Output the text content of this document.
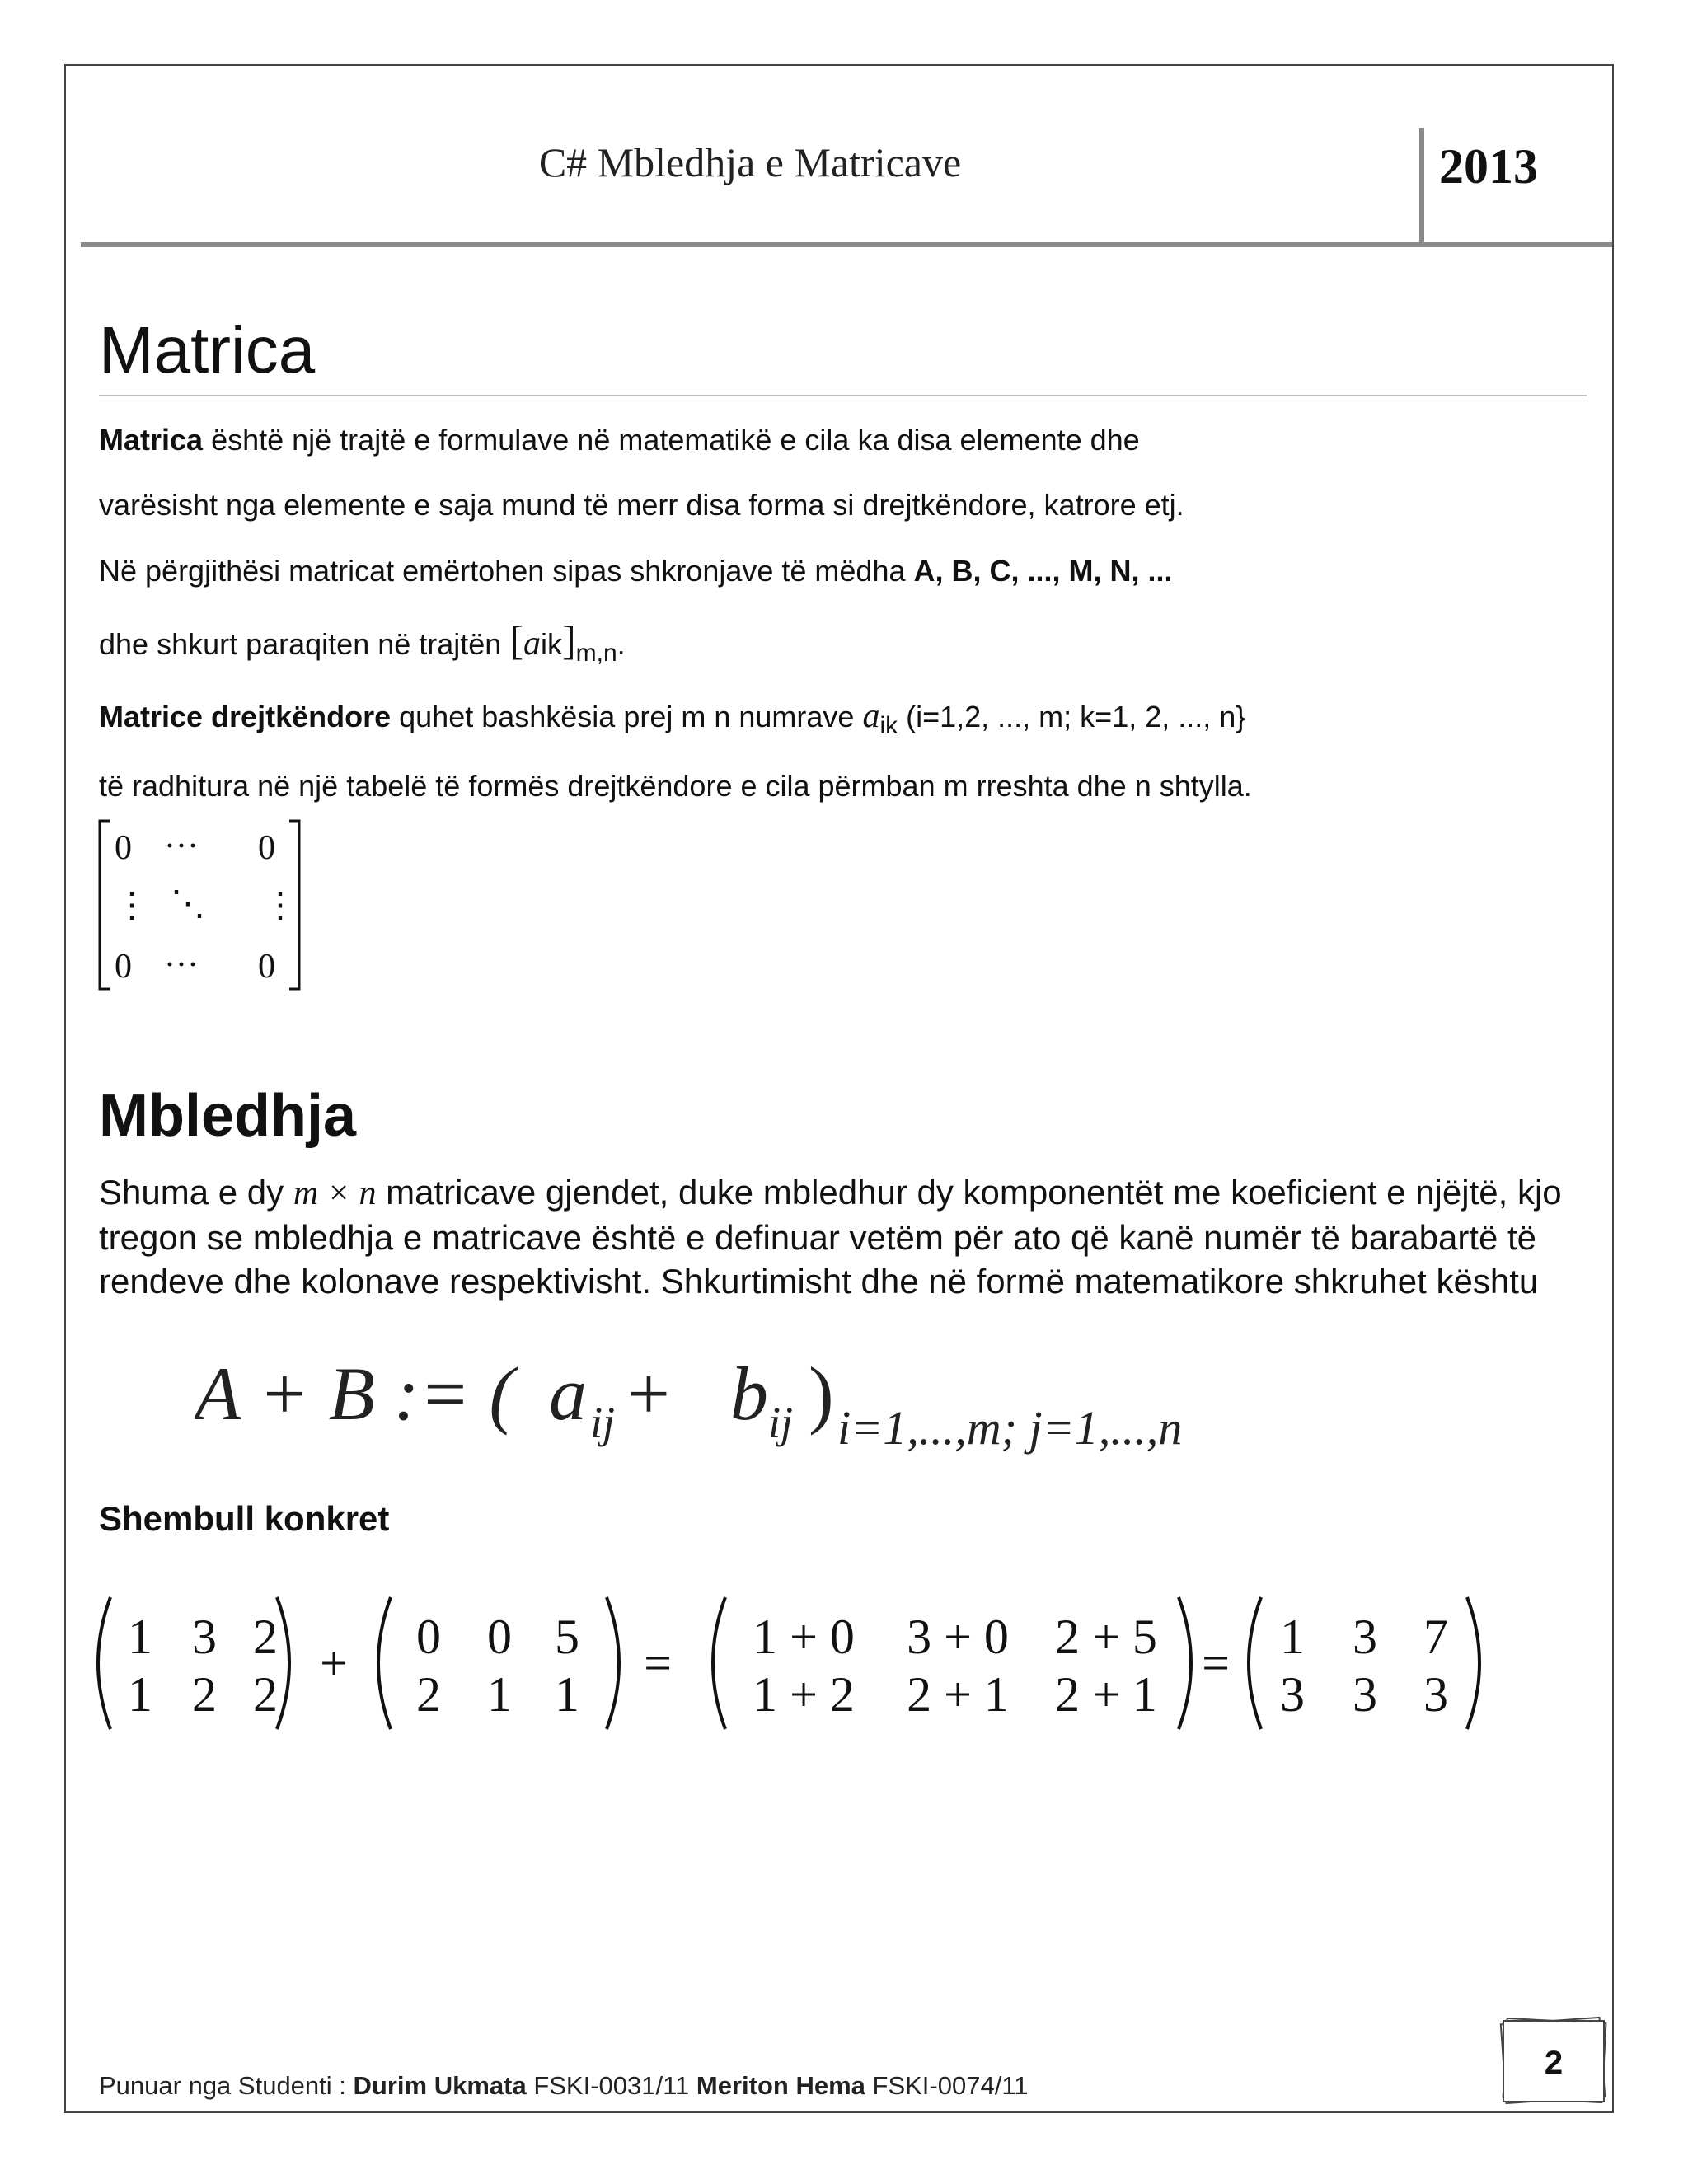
C# Mbledhja e Matricave	2013
Matrica
Matrica është një trajtë e formulave në matematikë e cila ka disa elemente dhe
varësisht nga elemente e saja mund të merr disa forma si drejtkëndore, katrore etj.
Në përgjithësi matricat emërtohen sipas shkronjave të mëdha A, B, C, ..., M, N, ...
dhe shkurt paraqiten në trajtën $[aik]_{m,n}$.
Matrice drejtkëndore quhet bashkësia prej m n numrave $a_{ik}$ (i=1,2, ..., m; k=1, 2, ..., n}
të radhitura në një tabelë të formës drejtkëndore e cila përmban m rreshta dhe n shtylla.
0 ··· 0
⋮ ⋱ ⋮
0 ··· 0
Mbledhja
Shuma e dy m × n matricave gjendet, duke mbledhur dy komponentët me koeficient e njëjtë, kjo tregon se mbledhja e matricave është e definuar vetëm për ato që kanë numër të barabartë të rendeve dhe kolonave respektivisht. Shkurtimisht dhe në formë matematikore shkruhet kështu
A + B := ( a ij + b ij ) i=1,...,m; j=1,...,n
Shembull konkret
1 3 2
1 2 2
+ 0 0 5
2 1 1
= 1 + 0 3 + 0 2 + 5
1 + 2 2 + 1 2 + 1
= 1 3 7
3 3 3
Punuar nga Studenti : Durim Ukmata FSKI-0031/11 Meriton Hema FSKI-0074/11
2
